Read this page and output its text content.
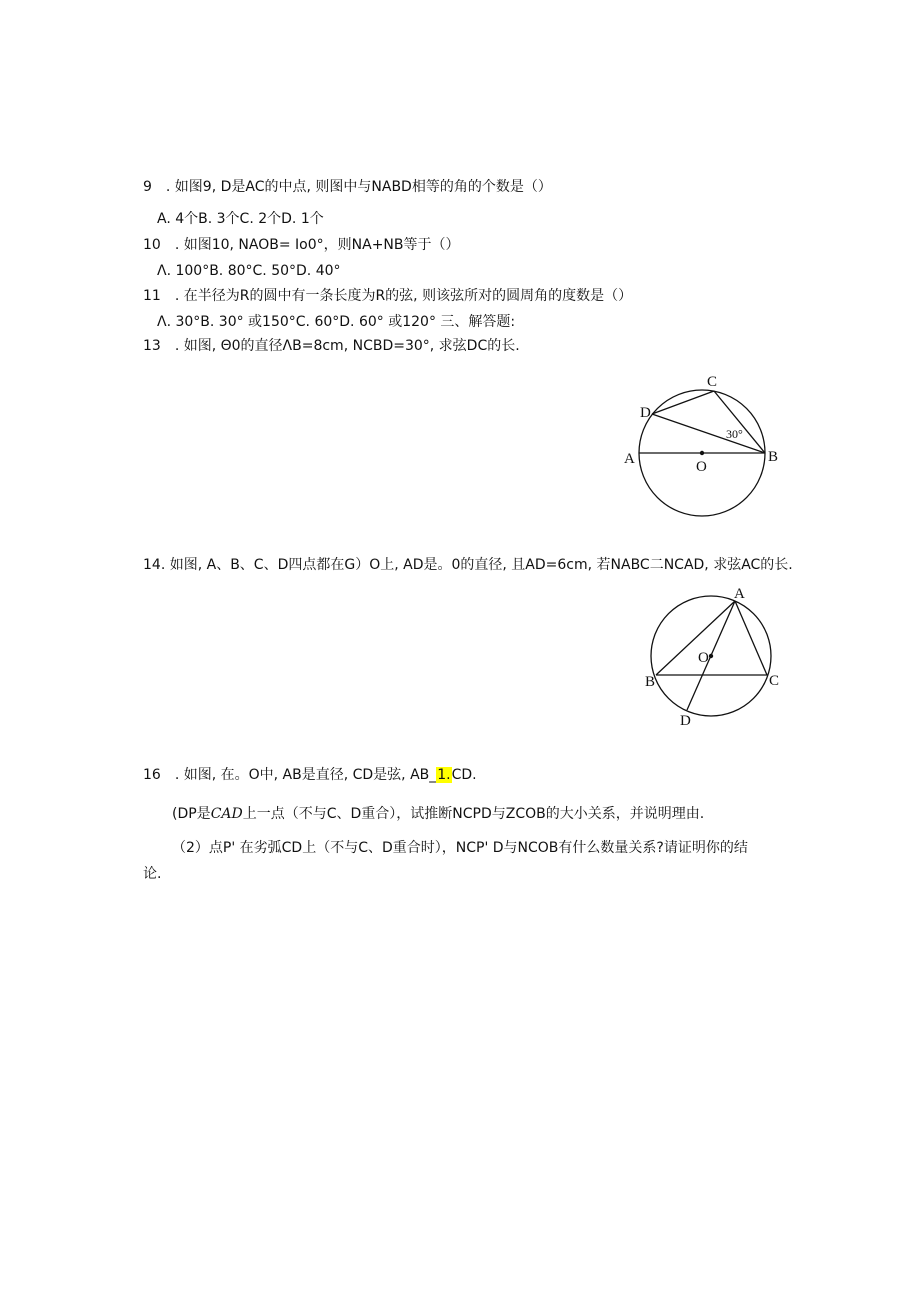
9　. 如图9, D是AC的中点, 则图中与NABD相等的角的个数是（）
A. 4个B. 3个C. 2个D. 1个
10　. 如图10, NAOB= Io0°，则NA+NB等于（）
Λ. 100°B. 80°C. 50°D. 40°
11　. 在半径为R的圆中有一条长度为R的弦, 则该弦所对的圆周角的度数是（）
Λ. 30°B. 30° 或150°C. 60°D. 60° 或120° 三、解答题:
13　. 如图, Θ0的直径ΛB=8cm, NCBD=30°, 求弦DC的长.
A	B
C
D
O
30°
14. 如图, A、B、C、D四点都在G）O上, AD是。0的直径, 且AD=6cm, 若NABC二NCAD, 求弦AC的长.
A
B	C
D
O
16　. 如图, 在。O中, AB是直径, CD是弦, AB_1.CD.
(DP是CAD上一点（不与C、D重合），试推断NCPD与ZCOB的大小关系，并说明理由.
（2）点P' 在劣弧CD上（不与C、D重合时），NCP' D与NCOB有什么数量关系?请证明你的结
论.
